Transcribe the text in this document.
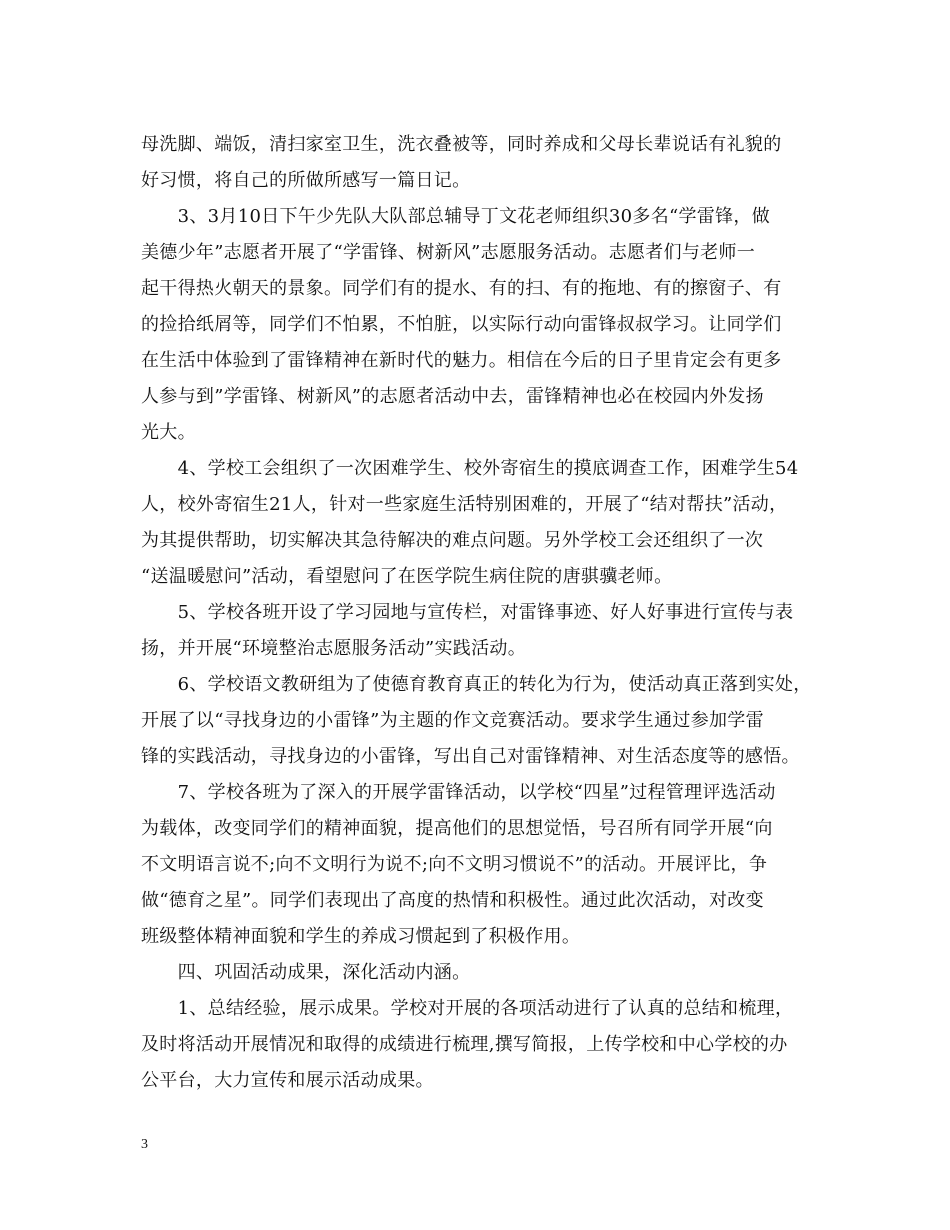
母洗脚、端饭，清扫家室卫生，洗衣叠被等，同时养成和父母长辈说话有礼貌的
好习惯，将自己的所做所感写一篇日记。
　　3、3月10日下午少先队大队部总辅导丁文花老师组织30多名“学雷锋，做
美德少年”志愿者开展了“学雷锋、树新风”志愿服务活动。志愿者们与老师一
起干得热火朝天的景象。同学们有的提水、有的扫、有的拖地、有的擦窗子、有
的捡拾纸屑等，同学们不怕累，不怕脏，以实际行动向雷锋叔叔学习。让同学们
在生活中体验到了雷锋精神在新时代的魅力。相信在今后的日子里肯定会有更多
人参与到”学雷锋、树新风”的志愿者活动中去，雷锋精神也必在校园内外发扬
光大。
　　4、学校工会组织了一次困难学生、校外寄宿生的摸底调查工作，困难学生54
人，校外寄宿生21人，针对一些家庭生活特别困难的，开展了“结对帮扶”活动，
为其提供帮助，切实解决其急待解决的难点问题。另外学校工会还组织了一次
“送温暖慰问”活动，看望慰问了在医学院生病住院的唐骐骥老师。
　　5、学校各班开设了学习园地与宣传栏，对雷锋事迹、好人好事进行宣传与表
扬，并开展“环境整治志愿服务活动”实践活动。
　　6、学校语文教研组为了使德育教育真正的转化为行为，使活动真正落到实处，
开展了以“寻找身边的小雷锋”为主题的作文竞赛活动。要求学生通过参加学雷
锋的实践活动，寻找身边的小雷锋，写出自己对雷锋精神、对生活态度等的感悟。
　　7、学校各班为了深入的开展学雷锋活动，以学校“四星”过程管理评选活动
为载体，改变同学们的精神面貌，提高他们的思想觉悟，号召所有同学开展“向
不文明语言说不;向不文明行为说不;向不文明习惯说不”的活动。开展评比，争
做“德育之星”。同学们表现出了高度的热情和积极性。通过此次活动，对改变
班级整体精神面貌和学生的养成习惯起到了积极作用。
　　四、巩固活动成果，深化活动内涵。
　　1、总结经验，展示成果。学校对开展的各项活动进行了认真的总结和梳理，
及时将活动开展情况和取得的成绩进行梳理,撰写简报，上传学校和中心学校的办
公平台，大力宣传和展示活动成果。
3
